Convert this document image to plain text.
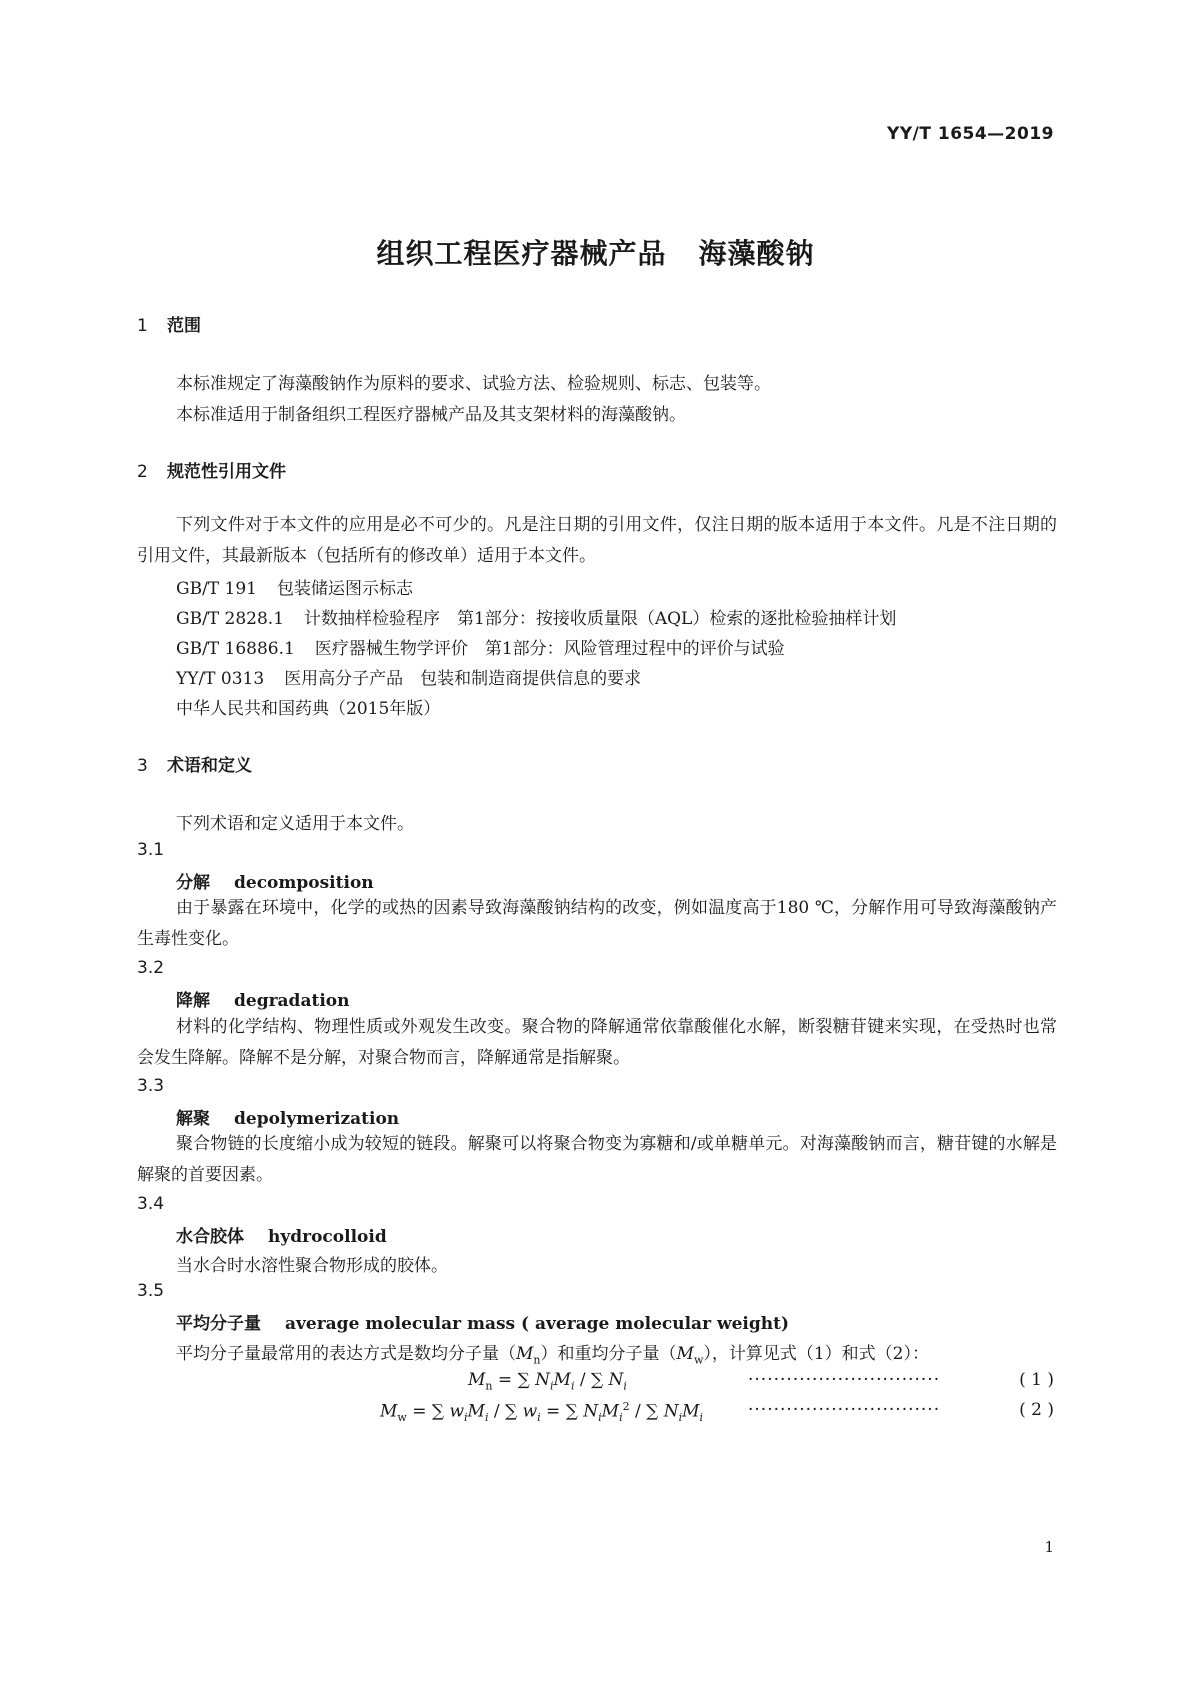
YY/T 1654—2019
组织工程医疗器械产品 海藻酸钠
1 范围
本标准规定了海藻酸钠作为原料的要求、试验方法、检验规则、标志、包装等。
本标准适用于制备组织工程医疗器械产品及其支架材料的海藻酸钠。
2 规范性引用文件
下列文件对于本文件的应用是必不可少的。凡是注日期的引用文件，仅注日期的版本适用于本文件。凡是不注日期的引用文件，其最新版本（包括所有的修改单）适用于本文件。
GB/T 191 包装储运图示标志
GB/T 2828.1 计数抽样检验程序　第1部分：按接收质量限（AQL）检索的逐批检验抽样计划
GB/T 16886.1 医疗器械生物学评价　第1部分：风险管理过程中的评价与试验
YY/T 0313 医用高分子产品　包装和制造商提供信息的要求
中华人民共和国药典（2015年版）
3 术语和定义
下列术语和定义适用于本文件。
3.1
分解 decomposition
由于暴露在环境中，化学的或热的因素导致海藻酸钠结构的改变，例如温度高于180 ℃，分解作用可导致海藻酸钠产生毒性变化。
3.2
降解 degradation
材料的化学结构、物理性质或外观发生改变。聚合物的降解通常依靠酸催化水解，断裂糖苷键来实现，在受热时也常会发生降解。降解不是分解，对聚合物而言，降解通常是指解聚。
3.3
解聚 depolymerization
聚合物链的长度缩小成为较短的链段。解聚可以将聚合物变为寡糖和/或单糖单元。对海藻酸钠而言，糖苷键的水解是解聚的首要因素。
3.4
水合胶体 hydrocolloid
当水合时水溶性聚合物形成的胶体。
3.5
平均分子量 average molecular mass ( average molecular weight)
平均分子量最常用的表达方式是数均分子量$(M_n)$和重均分子量$(M_w)$，计算见式（1）和式（2）：
$M_n$ = ∑ $N_iM_i$ / ∑ $N_i$	······························	( 1 )
$M_w$ = ∑ $w_iM_i$ / ∑ $w_i$ = ∑ $N_iM_i^2$ / ∑ $N_iM_i$	······························	( 2 )
1
